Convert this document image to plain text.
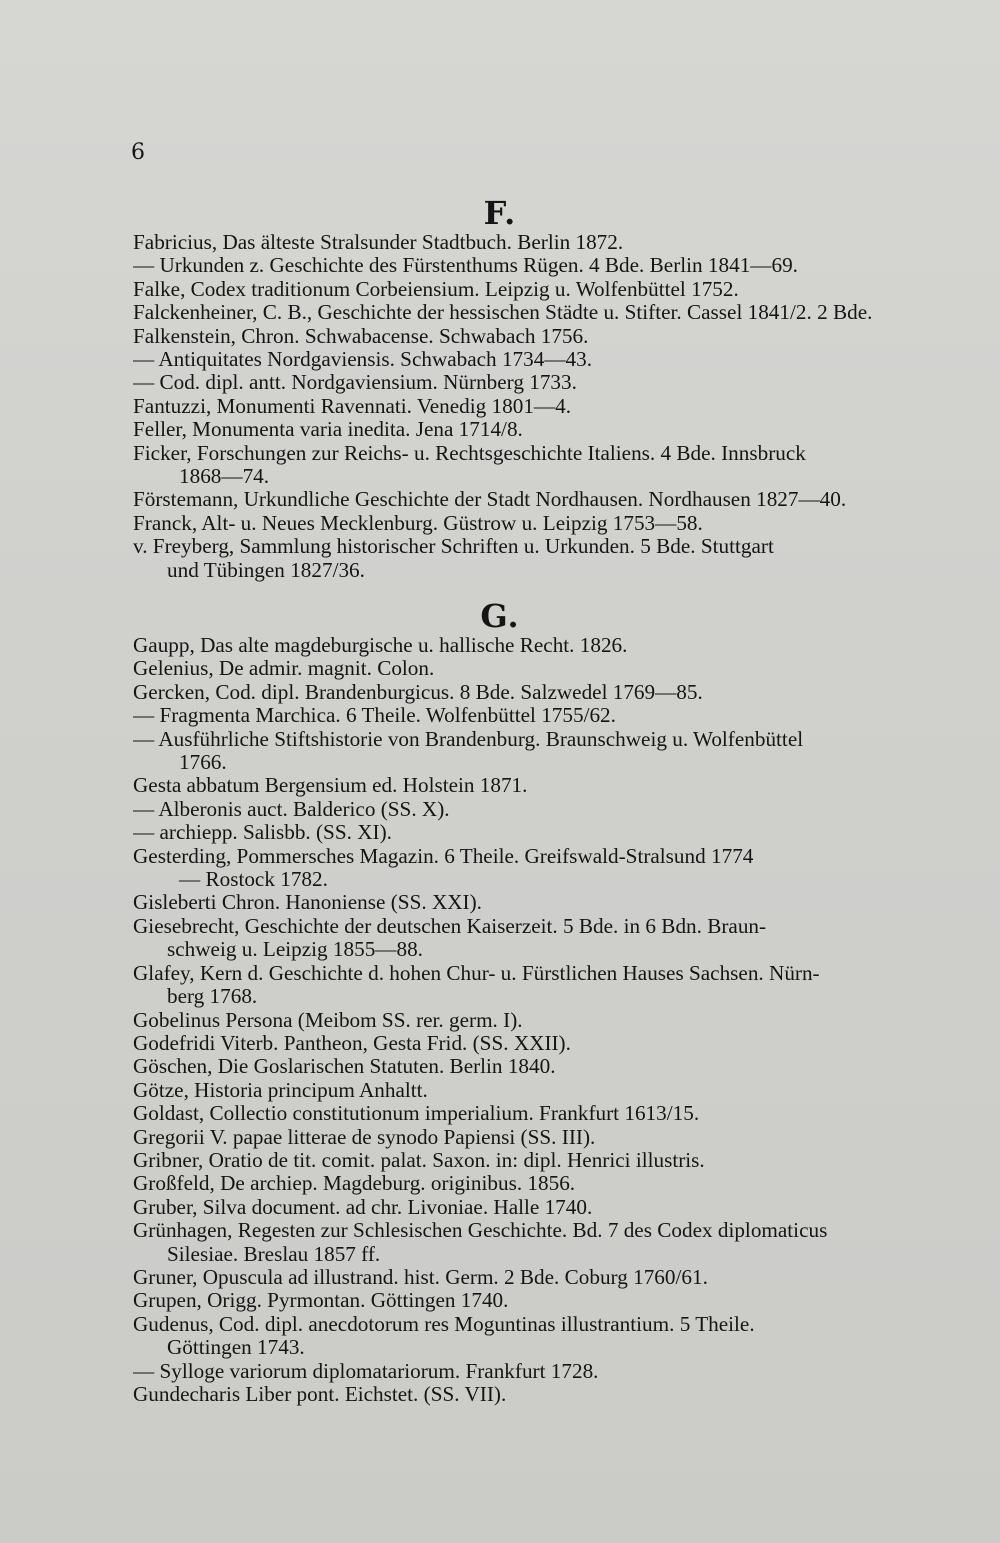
6
F.
Fabricius, Das älteste Stralsunder Stadtbuch. Berlin 1872.
— Urkunden z. Geschichte des Fürstenthums Rügen. 4 Bde. Berlin 1841—69.
Falke, Codex traditionum Corbeiensium. Leipzig u. Wolfenbüttel 1752.
Falckenheiner, C. B., Geschichte der hessischen Städte u. Stifter. Cassel 1841/2. 2 Bde.
Falkenstein, Chron. Schwabacense. Schwabach 1756.
— Antiquitates Nordgaviensis. Schwabach 1734—43.
— Cod. dipl. antt. Nordgaviensium. Nürnberg 1733.
Fantuzzi, Monumenti Ravennati. Venedig 1801—4.
Feller, Monumenta varia inedita. Jena 1714/8.
Ficker, Forschungen zur Reichs- u. Rechtsgeschichte Italiens. 4 Bde. Innsbruck
1868—74.
Förstemann, Urkundliche Geschichte der Stadt Nordhausen. Nordhausen 1827—40.
Franck, Alt- u. Neues Mecklenburg. Güstrow u. Leipzig 1753—58.
v. Freyberg, Sammlung historischer Schriften u. Urkunden. 5 Bde. Stuttgart
und Tübingen 1827/36.
G.
Gaupp, Das alte magdeburgische u. hallische Recht. 1826.
Gelenius, De admir. magnit. Colon.
Gercken, Cod. dipl. Brandenburgicus. 8 Bde. Salzwedel 1769—85.
— Fragmenta Marchica. 6 Theile. Wolfenbüttel 1755/62.
— Ausführliche Stiftshistorie von Brandenburg. Braunschweig u. Wolfenbüttel
1766.
Gesta abbatum Bergensium ed. Holstein 1871.
— Alberonis auct. Balderico (SS. X).
— archiepp. Salisbb. (SS. XI).
Gesterding, Pommersches Magazin. 6 Theile. Greifswald-Stralsund 1774
— Rostock 1782.
Gisleberti Chron. Hanoniense (SS. XXI).
Giesebrecht, Geschichte der deutschen Kaiserzeit. 5 Bde. in 6 Bdn. Braun-
schweig u. Leipzig 1855—88.
Glafey, Kern d. Geschichte d. hohen Chur- u. Fürstlichen Hauses Sachsen. Nürn-
berg 1768.
Gobelinus Persona (Meibom SS. rer. germ. I).
Godefridi Viterb. Pantheon, Gesta Frid. (SS. XXII).
Göschen, Die Goslarischen Statuten. Berlin 1840.
Götze, Historia principum Anhaltt.
Goldast, Collectio constitutionum imperialium. Frankfurt 1613/15.
Gregorii V. papae litterae de synodo Papiensi (SS. III).
Gribner, Oratio de tit. comit. palat. Saxon. in: dipl. Henrici illustris.
Großfeld, De archiep. Magdeburg. originibus. 1856.
Gruber, Silva document. ad chr. Livoniae. Halle 1740.
Grünhagen, Regesten zur Schlesischen Geschichte. Bd. 7 des Codex diplomaticus
Silesiae. Breslau 1857 ff.
Gruner, Opuscula ad illustrand. hist. Germ. 2 Bde. Coburg 1760/61.
Grupen, Origg. Pyrmontan. Göttingen 1740.
Gudenus, Cod. dipl. anecdotorum res Moguntinas illustrantium. 5 Theile.
Göttingen 1743.
— Sylloge variorum diplomatariorum. Frankfurt 1728.
Gundecharis Liber pont. Eichstet. (SS. VII).
